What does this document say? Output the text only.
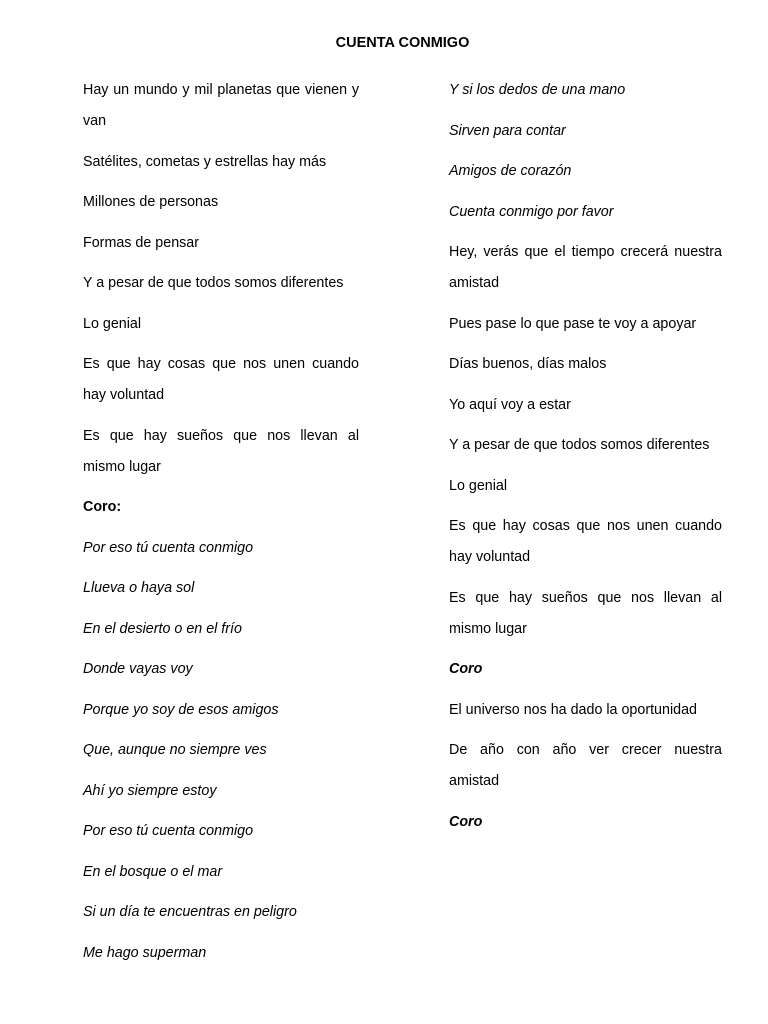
CUENTA CONMIGO
Hay un mundo y mil planetas que vienen y van
Satélites, cometas y estrellas hay más
Millones de personas
Formas de pensar
Y a pesar de que todos somos diferentes
Lo genial
Es que hay cosas que nos unen cuando hay voluntad
Es que hay sueños que nos llevan al mismo lugar
Coro:
Por eso tú cuenta conmigo
Llueva o haya sol
En el desierto o en el frío
Donde vayas voy
Porque yo soy de esos amigos
Que, aunque no siempre ves
Ahí yo siempre estoy
Por eso tú cuenta conmigo
En el bosque o el mar
Si un día te encuentras en peligro
Me hago superman
Y si los dedos de una mano
Sirven para contar
Amigos de corazón
Cuenta conmigo por favor
Hey, verás que el tiempo crecerá nuestra amistad
Pues pase lo que pase te voy a apoyar
Días buenos, días malos
Yo aquí voy a estar
Y a pesar de que todos somos diferentes
Lo genial
Es que hay cosas que nos unen cuando hay voluntad
Es que hay sueños que nos llevan al mismo lugar
Coro
El universo nos ha dado la oportunidad
De año con año ver crecer nuestra amistad
Coro
